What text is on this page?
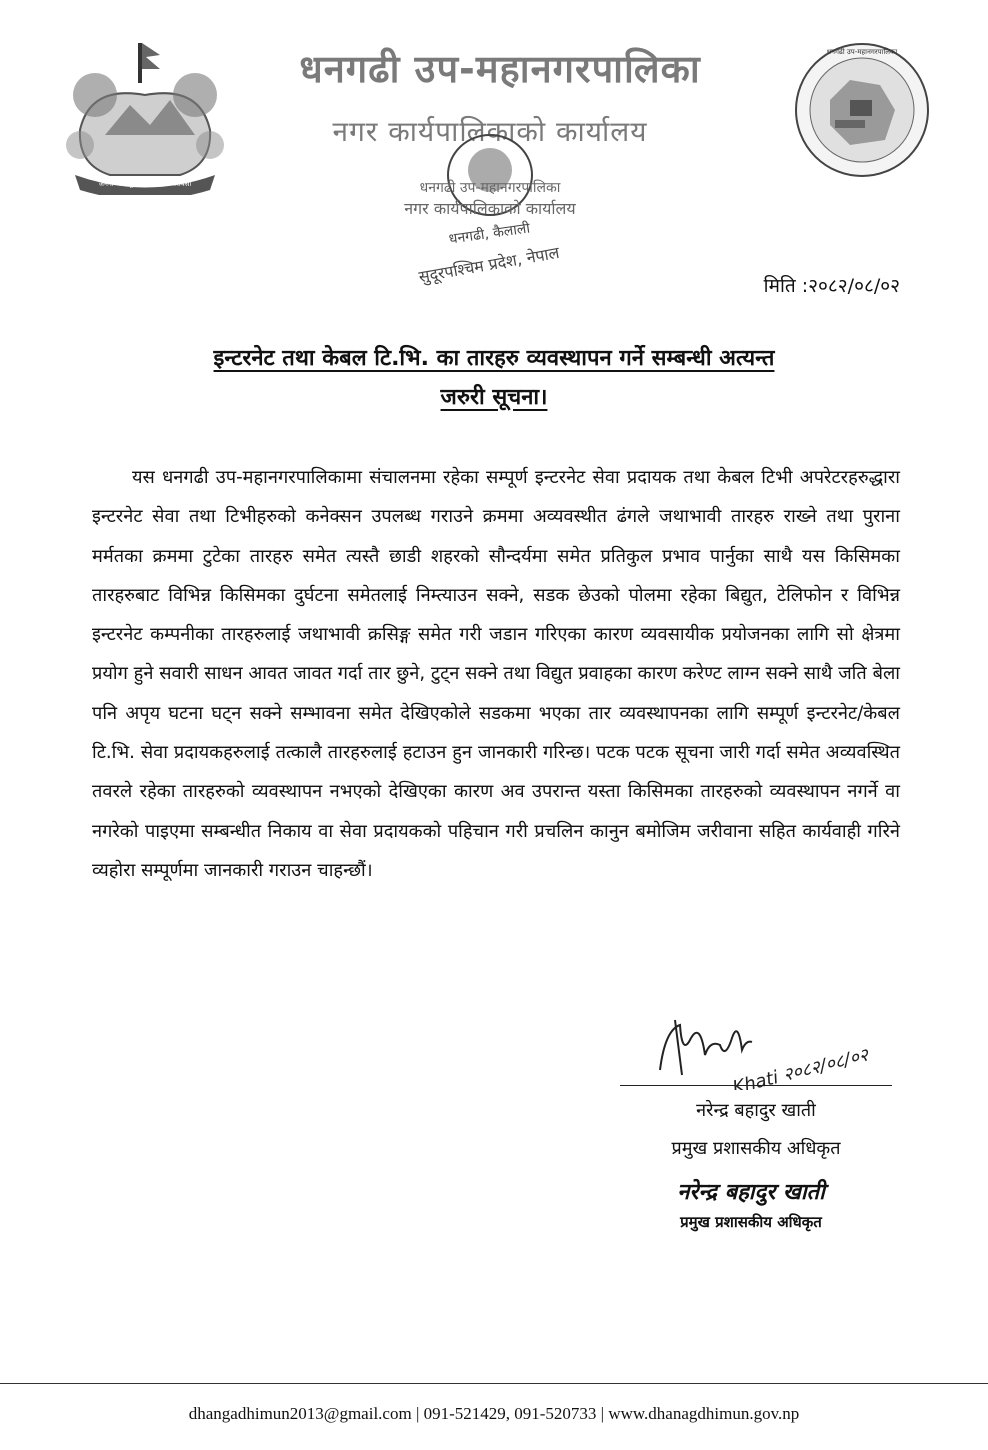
जननी जन्मभूमिश्च स्वर्गादपि गरीयसी
धनगढी उप-महानगरपालिका
नगर कार्यपालिकाको कार्यालय
धनगढी उप-महानगरपालिका
धनगढी उप-महानगरपालिका
नगर कार्यपालिकाको कार्यालय
धनगढी, कैलाली
सुदूरपश्चिम प्रदेश, नेपाल	मिति :२०८२/०८/०२
इन्टरनेट तथा केबल टि.भि. का तारहरु व्यवस्थापन गर्ने सम्बन्धी अत्यन्त
जरुरी सूचना।
यस धनगढी उप-महानगरपालिकामा संचालनमा रहेका सम्पूर्ण इन्टरनेट सेवा प्रदायक तथा केबल टिभी अपरेटरहरुद्धारा इन्टरनेट सेवा तथा टिभीहरुको कनेक्सन उपलब्ध गराउने क्रममा अव्यवस्थीत ढंगले जथाभावी तारहरु राख्ने तथा पुराना मर्मतका क्रममा टुटेका तारहरु समेत त्यस्तै छाडी शहरको सौन्दर्यमा समेत प्रतिकुल प्रभाव पार्नुका साथै यस किसिमका तारहरुबाट विभिन्न किसिमका दुर्घटना समेतलाई निम्त्याउन सक्ने, सडक छेउको पोलमा रहेका बिद्युत, टेलिफोन र विभिन्न इन्टरनेट कम्पनीका तारहरुलाई जथाभावी क्रसिङ्ग समेत गरी जडान गरिएका कारण व्यवसायीक प्रयोजनका लागि सो क्षेत्रमा प्रयोग हुने सवारी साधन आवत जावत गर्दा तार छुने, टुट्न सक्ने तथा विद्युत प्रवाहका कारण करेण्ट लाग्न सक्ने साथै जति बेला पनि अपृय घटना घट्न सक्ने सम्भावना समेत देखिएकोले सडकमा भएका तार व्यवस्थापनका लागि सम्पूर्ण इन्टरनेट/केबल टि.भि. सेवा प्रदायकहरुलाई तत्कालै तारहरुलाई हटाउन हुन जानकारी गरिन्छ। पटक पटक सूचना जारी गर्दा समेत अव्यवस्थित तवरले रहेका तारहरुको व्यवस्थापन नभएको देखिएका कारण अव उपरान्त यस्ता किसिमका तारहरुको व्यवस्थापन नगर्ने वा नगरेको पाइएमा सम्बन्धीत निकाय वा सेवा प्रदायकको पहिचान गरी प्रचलिन कानुन बमोजिम जरीवाना सहित कार्यवाही गरिने व्यहोरा सम्पूर्णमा जानकारी गराउन चाहन्छौं।
Khati २०८२/०८/०२
नरेन्द्र बहादुर खाती
प्रमुख प्रशासकीय अधिकृत
नरेन्द्र बहादुर खाती
प्रमुख प्रशासकीय अधिकृत
dhangadhimun2013@gmail.com | 091-521429, 091-520733 | www.dhanagdhimun.gov.np
